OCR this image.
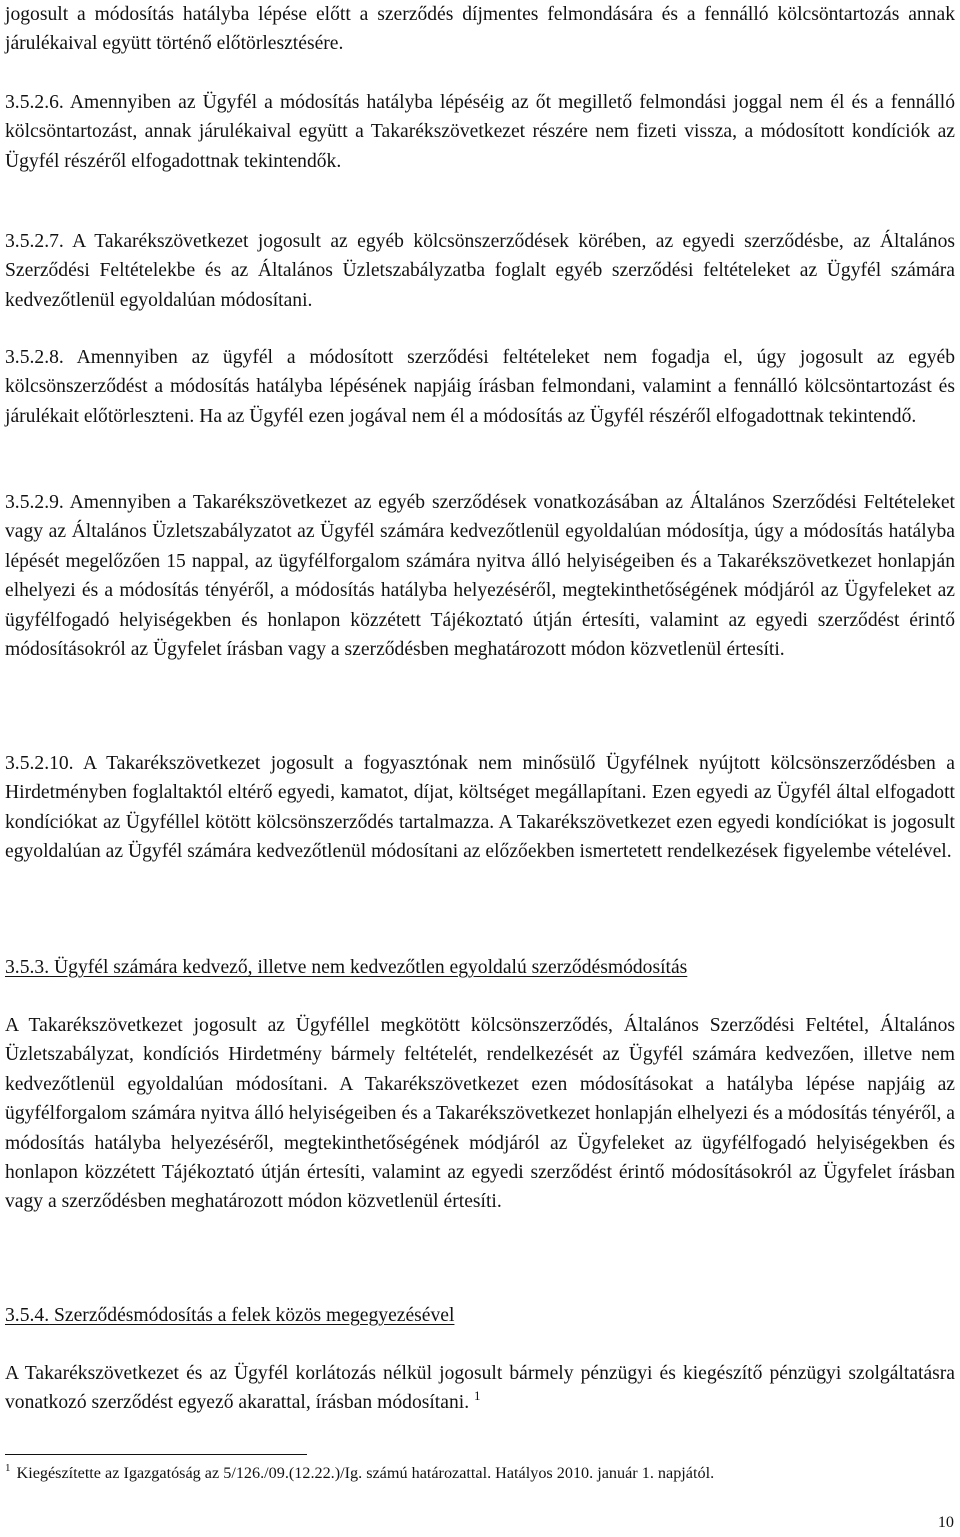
jogosult a módosítás hatályba lépése előtt a szerződés díjmentes felmondására és a fennálló kölcsöntartozás annak járulékaival együtt történő előtörlesztésére.

3.5.2.6. Amennyiben az Ügyfél a módosítás hatályba lépéséig az őt megillető felmondási joggal nem él és a fennálló kölcsöntartozást, annak járulékaival együtt a Takarékszövetkezet részére nem fizeti vissza, a módosított kondíciók az Ügyfél részéről elfogadottnak tekintendők.

3.5.2.7. A Takarékszövetkezet jogosult az egyéb kölcsönszerződések körében, az egyedi szerződésbe, az Általános Szerződési Feltételekbe és az Általános Üzletszabályzatba foglalt egyéb szerződési feltételeket az Ügyfél számára kedvezőtlenül egyoldalúan módosítani.

3.5.2.8. Amennyiben az ügyfél a módosított szerződési feltételeket nem fogadja el, úgy jogosult az egyéb kölcsönszerződést a módosítás hatályba lépésének napjáig írásban felmondani, valamint a fennálló kölcsöntartozást és járulékait előtörleszteni. Ha az Ügyfél ezen jogával nem él a módosítás az Ügyfél részéről elfogadottnak tekintendő.

3.5.2.9. Amennyiben a Takarékszövetkezet az egyéb szerződések vonatkozásában az Általános Szerződési Feltételeket vagy az Általános Üzletszabályzatot az Ügyfél számára kedvezőtlenül egyoldalúan módosítja, úgy a módosítás hatályba lépését megelőzően 15 nappal, az ügyfélforgalom számára nyitva álló helyiségeiben és a Takarékszövetkezet honlapján elhelyezi és a módosítás tényéről, a módosítás hatályba helyezéséről, megtekinthetőségének módjáról az Ügyfeleket az ügyfélfogadó helyiségekben és honlapon közzétett Tájékoztató útján értesíti, valamint az egyedi szerződést érintő módosításokról az Ügyfelet írásban vagy a szerződésben meghatározott módon közvetlenül értesíti.

3.5.2.10. A Takarékszövetkezet jogosult a fogyasztónak nem minősülő Ügyfélnek nyújtott kölcsönszerződésben a Hirdetményben foglaltaktól eltérő egyedi, kamatot, díjat, költséget megállapítani. Ezen egyedi az Ügyfél által elfogadott kondíciókat az Ügyféllel kötött kölcsönszerződés tartalmazza. A Takarékszövetkezet ezen egyedi kondíciókat is jogosult egyoldalúan az Ügyfél számára kedvezőtlenül módosítani az előzőekben ismertetett rendelkezések figyelembe vételével.

3.5.3. Ügyfél számára kedvező, illetve nem kedvezőtlen egyoldalú szerződésmódosítás

A Takarékszövetkezet jogosult az Ügyféllel megkötött kölcsönszerződés, Általános Szerződési Feltétel, Általános Üzletszabályzat, kondíciós Hirdetmény bármely feltételét, rendelkezését az Ügyfél számára kedvezően, illetve nem kedvezőtlenül egyoldalúan módosítani. A Takarékszövetkezet ezen módosításokat a hatályba lépése napjáig az ügyfélforgalom számára nyitva álló helyiségeiben és a Takarékszövetkezet honlapján elhelyezi és a módosítás tényéről, a módosítás hatályba helyezéséről, megtekinthetőségének módjáról az Ügyfeleket az ügyfélfogadó helyiségekben és honlapon közzétett Tájékoztató útján értesíti, valamint az egyedi szerződést érintő módosításokról az Ügyfelet írásban vagy a szerződésben meghatározott módon közvetlenül értesíti.

3.5.4. Szerződésmódosítás a felek közös megegyezésével

A Takarékszövetkezet és az Ügyfél korlátozás nélkül jogosult bármely pénzügyi és kiegészítő pénzügyi szolgáltatásra vonatkozó szerződést egyező akarattal, írásban módosítani. $^1$

$^1$ Kiegészítette az Igazgatóság az 5/126./09.(12.22.)/Ig. számú határozattal. Hatályos 2010. január 1. napjától.

10
